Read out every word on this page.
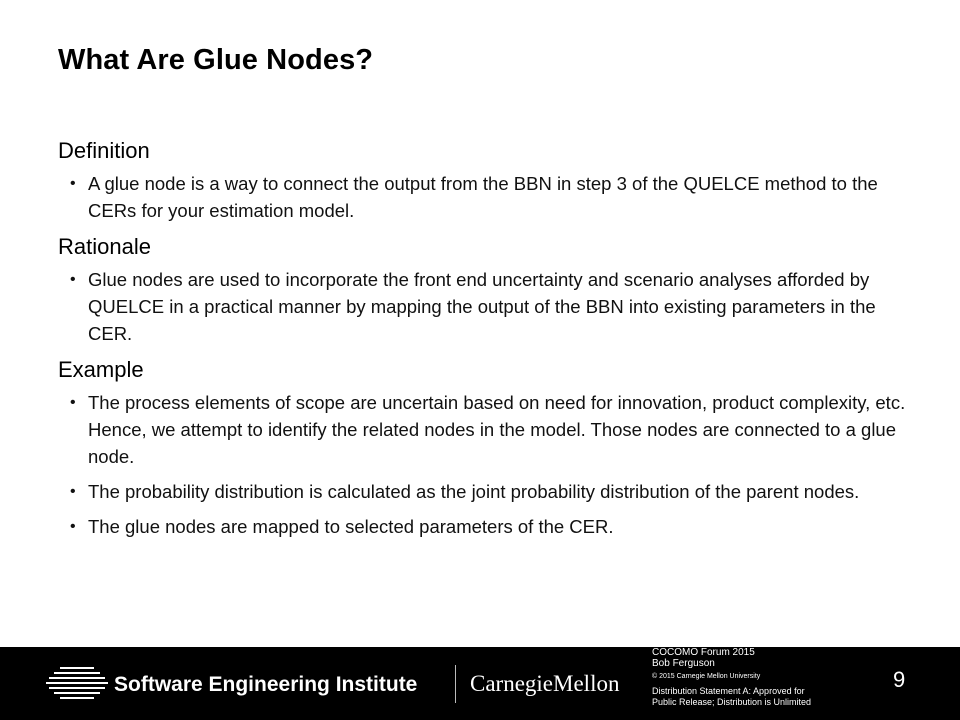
What Are Glue Nodes?
Definition
• A glue node is a way to connect the output from the BBN in step 3 of the QUELCE method to the CERs for your estimation model.
Rationale
• Glue nodes are used to incorporate the front end uncertainty and scenario analyses afforded by QUELCE in a practical manner by mapping the output of the BBN into existing parameters in the CER.
Example
• The process elements of scope are uncertain based on need for innovation, product complexity, etc. Hence, we attempt to identify the related nodes in the model. Those nodes are connected to a glue node.
• The probability distribution is calculated as the joint probability distribution of the parent nodes.
• The glue nodes are mapped to selected parameters of the CER.
Software Engineering Institute CarnegieMellon
COCOMO Forum 2015
Bob Ferguson
© 2015 Carnegie Mellon University
Distribution Statement A: Approved for
Public Release; Distribution is Unlimited
9
